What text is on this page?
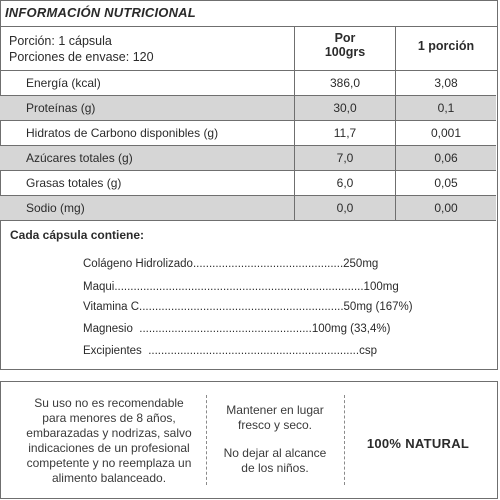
INFORMACIÓN NUTRICIONAL
Porción: 1 cápsula
Porciones de envase: 120
Por
100grs	1 porción
Energía (kcal)	386,0	3,08
Proteínas (g)	30,0	0,1
Hidratos de Carbono disponibles (g)	11,7	0,001
Azúcares totales (g)	7,0	0,06
Grasas totales (g)	6,0	0,05
Sodio (mg)	0,0	0,00
Cada cápsula contiene:
Colágeno Hidrolizado...............................................250mg
Maqui..............................................................................100mg
Vitamina C................................................................50mg (167%)
Magnesio  ......................................................100mg (33,4%)
Excipientes  ..................................................................csp
Su uso no es recomendable
para menores de 8 años,
embarazadas y nodrizas, salvo
indicaciones de un profesional
competente y no reemplaza un
alimento balanceado.
Mantener en lugar
fresco y seco.
No dejar al alcance
de los niños.
100% NATURAL
